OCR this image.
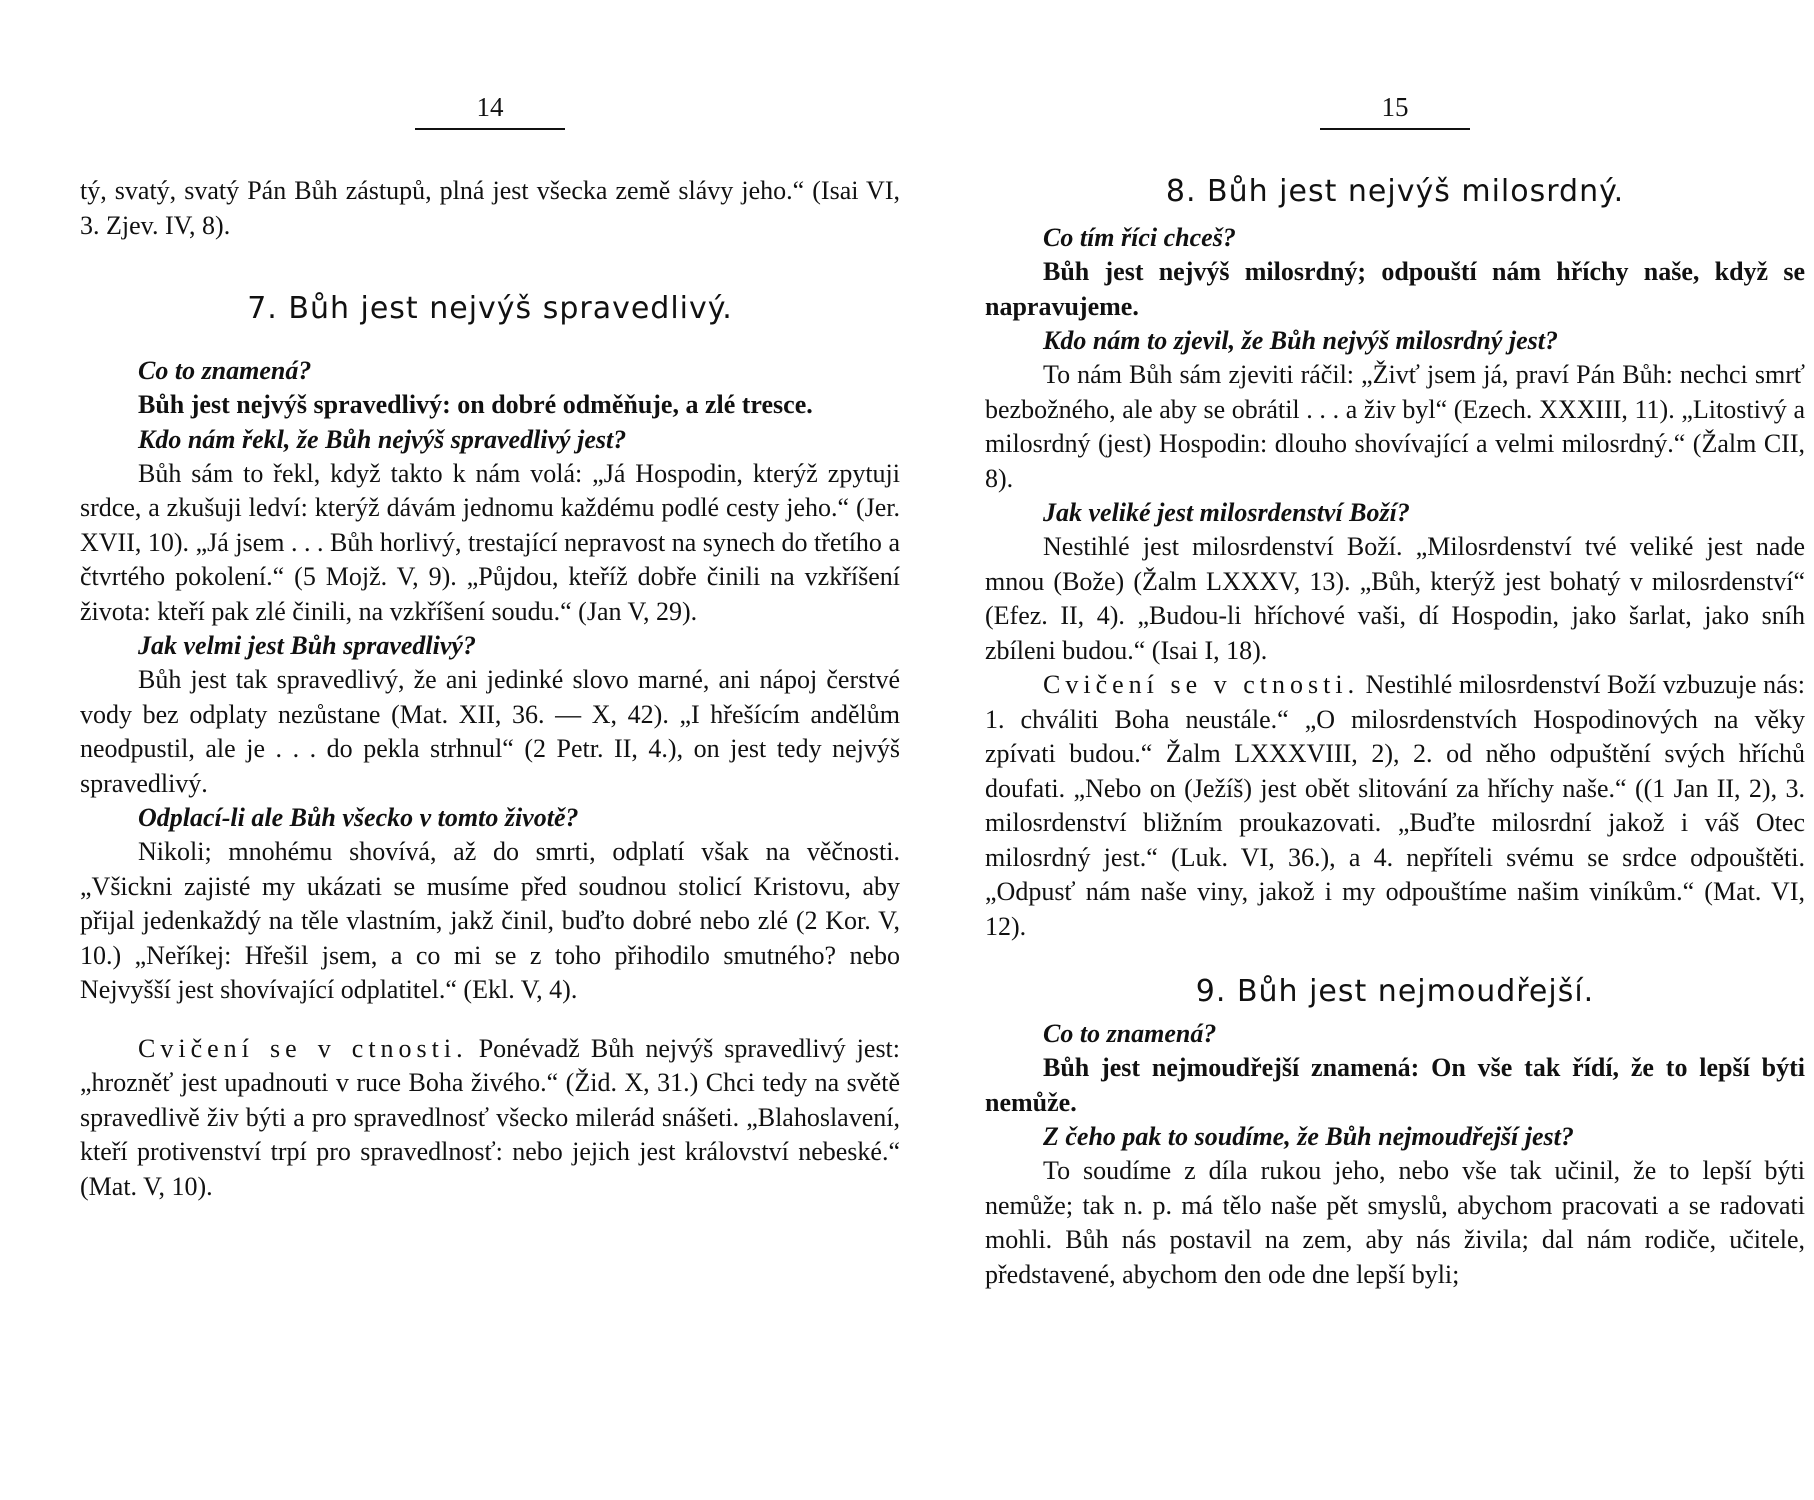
14

tý, svatý, svatý Pán Bůh zástupů, plná jest všecka země slávy jeho.“ (Isai VI, 3. Zjev. IV, 8).

7. Bůh jest nejvýš spravedlivý.

Co to znamená?

Bůh jest nejvýš spravedlivý: on dobré odměňuje, a zlé tresce.

Kdo nám řekl, že Bůh nejvýš spravedlivý jest?

Bůh sám to řekl, když takto k nám volá: „Já Hospodin, kterýž zpytuji srdce, a zkušuji ledví: kterýž dávám jednomu každému podlé cesty jeho.“ (Jer. XVII, 10). „Já jsem . . . Bůh horlivý, trestající nepravost na synech do třetího a čtvrtého pokolení.“ (5 Mojž. V, 9). „Půjdou, kteříž dobře činili na vzkříšení života: kteří pak zlé činili, na vzkříšení soudu.“ (Jan V, 29).

Jak velmi jest Bůh spravedlivý?

Bůh jest tak spravedlivý, že ani jedinké slovo marné, ani nápoj čerstvé vody bez odplaty nezůstane (Mat. XII, 36. — X, 42). „I hřešícím andělům neodpustil, ale je . . . do pekla strhnul“ (2 Petr. II, 4.), on jest tedy nejvýš spravedlivý.

Odplací-li ale Bůh všecko v tomto životě?

Nikoli; mnohému shovívá, až do smrti, odplatí však na věčnosti. „Všickni zajisté my ukázati se musíme před soudnou stolicí Kristovu, aby přijal jedenkaždý na těle vlastním, jakž činil, buďto dobré nebo zlé (2 Kor. V, 10.) „Neříkej: Hřešil jsem, a co mi se z toho přihodilo smutného? nebo Nejvyšší jest shovívající odplatitel.“ (Ekl. V, 4).

Cvičení se v ctnosti. Ponévadž Bůh nejvýš spravedlivý jest: „hrozněť jest upadnouti v ruce Boha živého.“ (Žid. X, 31.) Chci tedy na světě spravedlivě živ býti a pro spravedlnosť všecko milerád snášeti. „Blahoslavení, kteří protivenství trpí pro spravedlnosť: nebo jejich jest království nebeské.“ (Mat. V, 10).

15
8. Bůh jest nejvýš milosrdný.

Co tím říci chceš?

Bůh jest nejvýš milosrdný; odpouští nám hříchy naše, když se napravujeme.

Kdo nám to zjevil, že Bůh nejvýš milosrdný jest?

To nám Bůh sám zjeviti ráčil: „Živť jsem já, praví Pán Bůh: nechci smrť bezbožného, ale aby se obrátil . . . a živ byl“ (Ezech. XXXIII, 11). „Litostivý a milosrdný (jest) Hospodin: dlouho shovívající a velmi milosrdný.“ (Žalm CII, 8).

Jak veliké jest milosrdenství Boží?

Nestihlé jest milosrdenství Boží. „Milosrdenství tvé veliké jest nade mnou (Bože) (Žalm LXXXV, 13). „Bůh, kterýž jest bohatý v milosrdenství“ (Efez. II, 4). „Budou-li hříchové vaši, dí Hospodin, jako šarlat, jako sníh zbíleni budou.“ (Isai I, 18).

Cvičení se v ctnosti. Nestihlé milosrdenství Boží vzbuzuje nás: 1. chváliti Boha neustále.“ „O milosrdenstvích Hospodinových na věky zpívati budou.“ Žalm LXXXVIII, 2), 2. od něho odpuštění svých hříchů doufati. „Nebo on (Ježíš) jest obět slitování za hříchy naše.“ ((1 Jan II, 2), 3. milosrdenství bližním proukazovati. „Buďte milosrdní jakož i váš Otec milosrdný jest.“ (Luk. VI, 36.), a 4. nepříteli svému se srdce odpouštěti. „Odpusť nám naše viny, jakož i my odpouštíme našim viníkům.“ (Mat. VI, 12).

9. Bůh jest nejmoudřejší.

Co to znamená?

Bůh jest nejmoudřejší znamená: On vše tak řídí, že to lepší býti nemůže.

Z čeho pak to soudíme, že Bůh nejmoudřejší jest?

To soudíme z díla rukou jeho, nebo vše tak učinil, že to lepší býti nemůže; tak n. p. má tělo naše pět smyslů, abychom pracovati a se radovati mohli. Bůh nás postavil na zem, aby nás živila; dal nám rodiče, učitele, představené, abychom den ode dne lepší byli;
